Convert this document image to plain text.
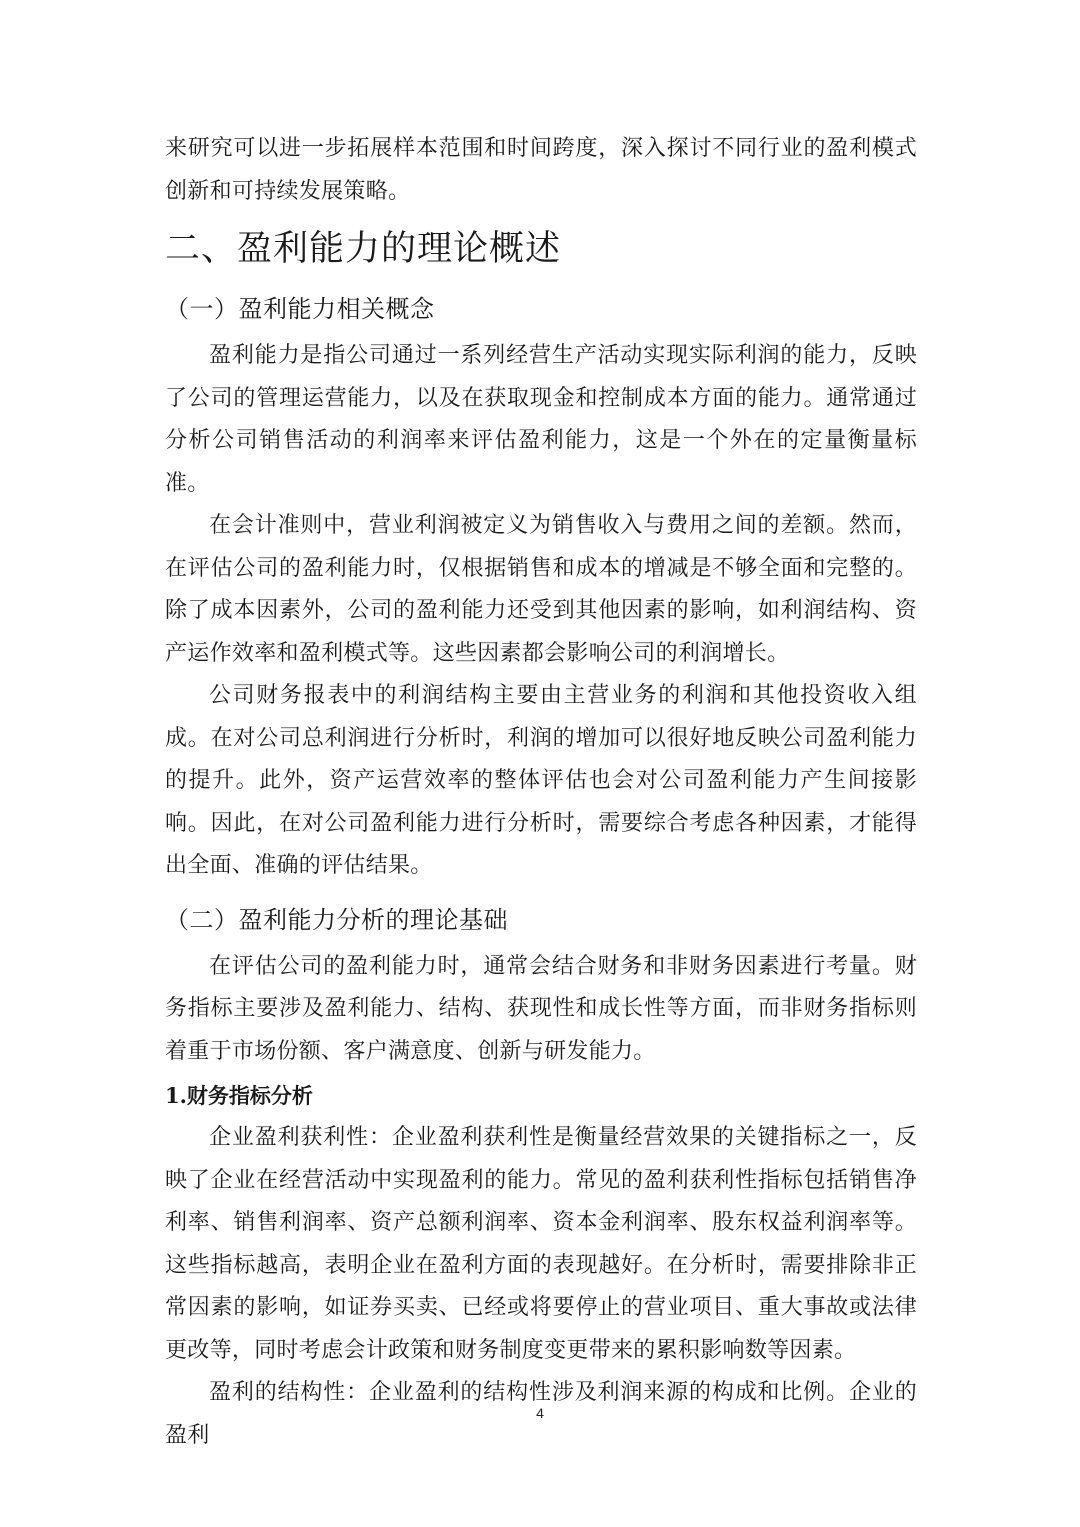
来研究可以进一步拓展样本范围和时间跨度，深入探讨不同行业的盈利模式创新和可持续发展策略。

二、盈利能力的理论概述
（一）盈利能力相关概念

盈利能力是指公司通过一系列经营生产活动实现实际利润的能力，反映了公司的管理运营能力，以及在获取现金和控制成本方面的能力。通常通过分析公司销售活动的利润率来评估盈利能力，这是一个外在的定量衡量标准。

在会计准则中，营业利润被定义为销售收入与费用之间的差额。然而，在评估公司的盈利能力时，仅根据销售和成本的增减是不够全面和完整的。除了成本因素外，公司的盈利能力还受到其他因素的影响，如利润结构、资产运作效率和盈利模式等。这些因素都会影响公司的利润增长。

公司财务报表中的利润结构主要由主营业务的利润和其他投资收入组成。在对公司总利润进行分析时，利润的增加可以很好地反映公司盈利能力的提升。此外，资产运营效率的整体评估也会对公司盈利能力产生间接影响。因此，在对公司盈利能力进行分析时，需要综合考虑各种因素，才能得出全面、准确的评估结果。

（二）盈利能力分析的理论基础

在评估公司的盈利能力时，通常会结合财务和非财务因素进行考量。财务指标主要涉及盈利能力、结构、获现性和成长性等方面，而非财务指标则着重于市场份额、客户满意度、创新与研发能力。

1.财务指标分析

企业盈利获利性：企业盈利获利性是衡量经营效果的关键指标之一，反映了企业在经营活动中实现盈利的能力。常见的盈利获利性指标包括销售净利率、销售利润率、资产总额利润率、资本金利润率、股东权益利润率等。这些指标越高，表明企业在盈利方面的表现越好。在分析时，需要排除非正常因素的影响，如证券买卖、已经或将要停止的营业项目、重大事故或法律更改等，同时考虑会计政策和财务制度变更带来的累积影响数等因素。

盈利的结构性：企业盈利的结构性涉及利润来源的构成和比例。企业的盈利

4
